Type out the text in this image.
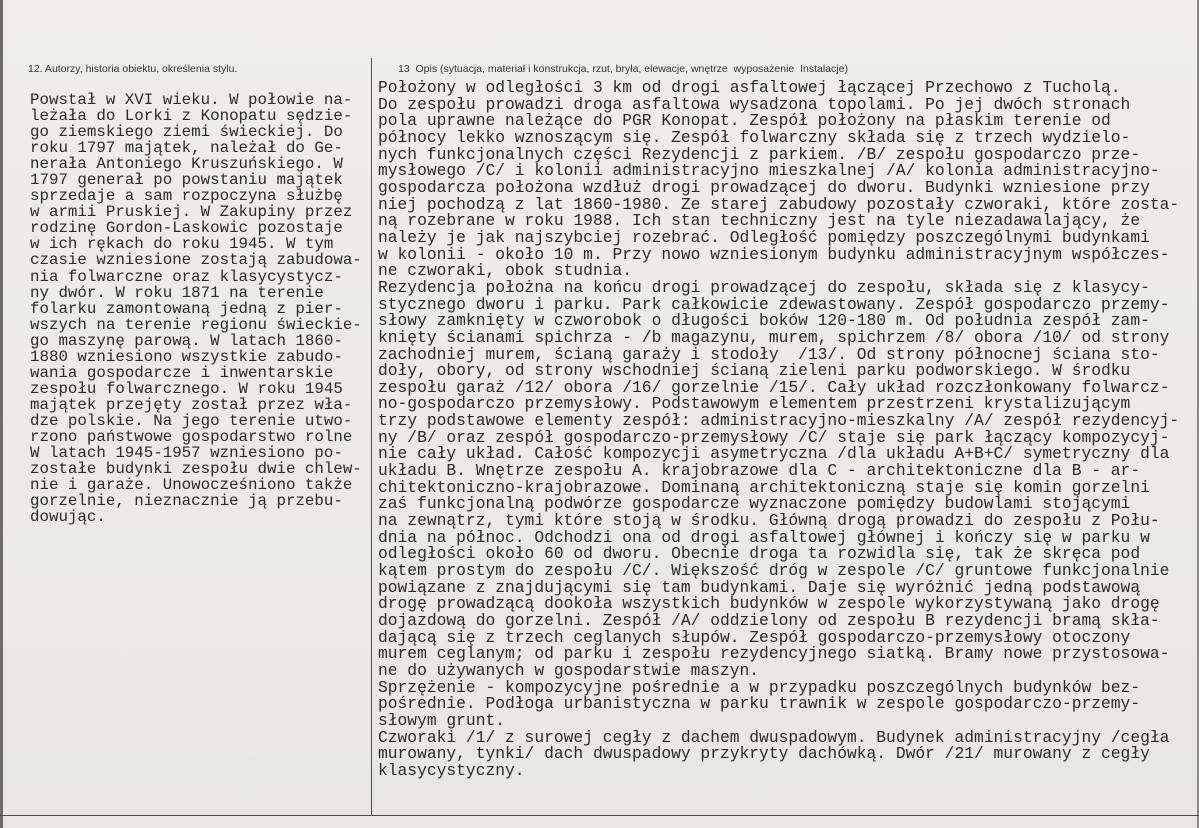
12. Autorzy, historia obiektu, określenia stylu.	13  Opis (sytuacja, materiał i konstrukcja, rzut, bryła, elewacje, wnętrze  wyposażenie  Instalacje)
Powstał w XVI wieku. W połowie na-
leżała do Lorki z Konopatu sędzie-
go ziemskiego ziemi świeckiej. Do
roku 1797 majątek, należał do Ge-
nerała Antoniego Kruszuńskiego. W
1797 generał po powstaniu majątek
sprzedaje a sam rozpoczyna służbę
w armii Pruskiej. W Zakupiny przez
rodzinę Gordon-Laskowic pozostaje
w ich rękach do roku 1945. W tym
czasie wzniesione zostają zabudowa-
nia folwarczne oraz klasycystycz-
ny dwór. W roku 1871 na terenie
folarku zamontowaną jedną z pier-
wszych na terenie regionu świeckie-
go maszynę parową. W latach 1860-
1880 wzniesiono wszystkie zabudo-
wania gospodarcze i inwentarskie
zespołu folwarcznego. W roku 1945
majątek przejęty został przez wła-
dze polskie. Na jego terenie utwo-
rzono państwowe gospodarstwo rolne
W latach 1945-1957 wzniesiono po-
zostałe budynki zespołu dwie chlew-
nie i garaże. Unowocześniono także
gorzelnie, nieznacznie ją przebu-
dowując.
Położony w odległości 3 km od drogi asfaltowej łączącej Przechowo z Tucholą.
Do zespołu prowadzi droga asfaltowa wysadzona topolami. Po jej dwóch stronach
pola uprawne należące do PGR Konopat. Zespół położony na płaskim terenie od
północy lekko wznoszącym się. Zespół folwarczny składa się z trzech wydzielo-
nych funkcjonalnych części Rezydencji z parkiem. /B/ zespołu gospodarczo prze-
mysłowego /C/ i kolonii administracyjno mieszkalnej /A/ kolonia administracyjno-
gospodarcza położona wzdłuż drogi prowadzącej do dworu. Budynki wzniesione przy
niej pochodzą z lat 1860-1980. Ze starej zabudowy pozostały czworaki, które zosta-
ną rozebrane w roku 1988. Ich stan techniczny jest na tyle niezadawalający, że
należy je jak najszybciej rozebrać. Odległość pomiędzy poszczególnymi budynkami
w kolonii - około 10 m. Przy nowo wzniesionym budynku administracyjnym współczes-
ne czworaki, obok studnia.
Rezydencja położna na końcu drogi prowadzącej do zespołu, składa się z klasycy-
stycznego dworu i parku. Park całkowicie zdewastowany. Zespół gospodarczo przemy-
słowy zamknięty w czworobok o długości boków 120-180 m. Od południa zespół zam-
knięty ścianami spichrza - /b magazynu, murem, spichrzem /8/ obora /10/ od strony
zachodniej murem, ścianą garaży i stodoły  /13/. Od strony północnej ściana sto-
doły, obory, od strony wschodniej ścianą zieleni parku podworskiego. W środku
zespołu garaż /12/ obora /16/ gorzelnie /15/. Cały układ rozczłonkowany folwarcz-
no-gospodarczo przemysłowy. Podstawowym elementem przestrzeni krystalizującym
trzy podstawowe elementy zespół: administracyjno-mieszkalny /A/ zespół rezydencyj-
ny /B/ oraz zespół gospodarczo-przemysłowy /C/ staje się park łączący kompozycyj-
nie cały układ. Całość kompozycji asymetryczna /dla układu A+B+C/ symetryczny dla
układu B. Wnętrze zespołu A. krajobrazowe dla C - architektoniczne dla B - ar-
chitektoniczno-krajobrazowe. Dominaną architektoniczną staje się komin gorzelni
zaś funkcjonalną podwórze gospodarcze wyznaczone pomiędzy budowlami stojącymi
na zewnątrz, tymi które stoją w środku. Główną drogą prowadzi do zespołu z Połu-
dnia na północ. Odchodzi ona od drogi asfaltowej głównej i kończy się w parku w
odległości około 60 od dworu. Obecnie droga ta rozwidla się, tak że skręca pod
kątem prostym do zespołu /C/. Większość dróg w zespole /C/ gruntowe funkcjonalnie
powiązane z znajdującymi się tam budynkami. Daje się wyróżnić jedną podstawową
drogę prowadzącą dookoła wszystkich budynków w zespole wykorzystywaną jako drogę
dojazdową do gorzelni. Zespół /A/ oddzielony od zespołu B rezydencji bramą skła-
dającą się z trzech ceglanych słupów. Zespół gospodarczo-przemysłowy otoczony
murem ceglanym; od parku i zespołu rezydencyjnego siatką. Bramy nowe przystosowa-
ne do używanych w gospodarstwie maszyn.
Sprzężenie - kompozycyjne pośrednie a w przypadku poszczególnych budynków bez-
pośrednie. Podłoga urbanistyczna w parku trawnik w zespole gospodarczo-przemy-
słowym grunt.
Czworaki /1/ z surowej cegły z dachem dwuspadowym. Budynek administracyjny /cegła
murowany, tynki/ dach dwuspadowy przykryty dachówką. Dwór /21/ murowany z cegły
klasycystyczny.
